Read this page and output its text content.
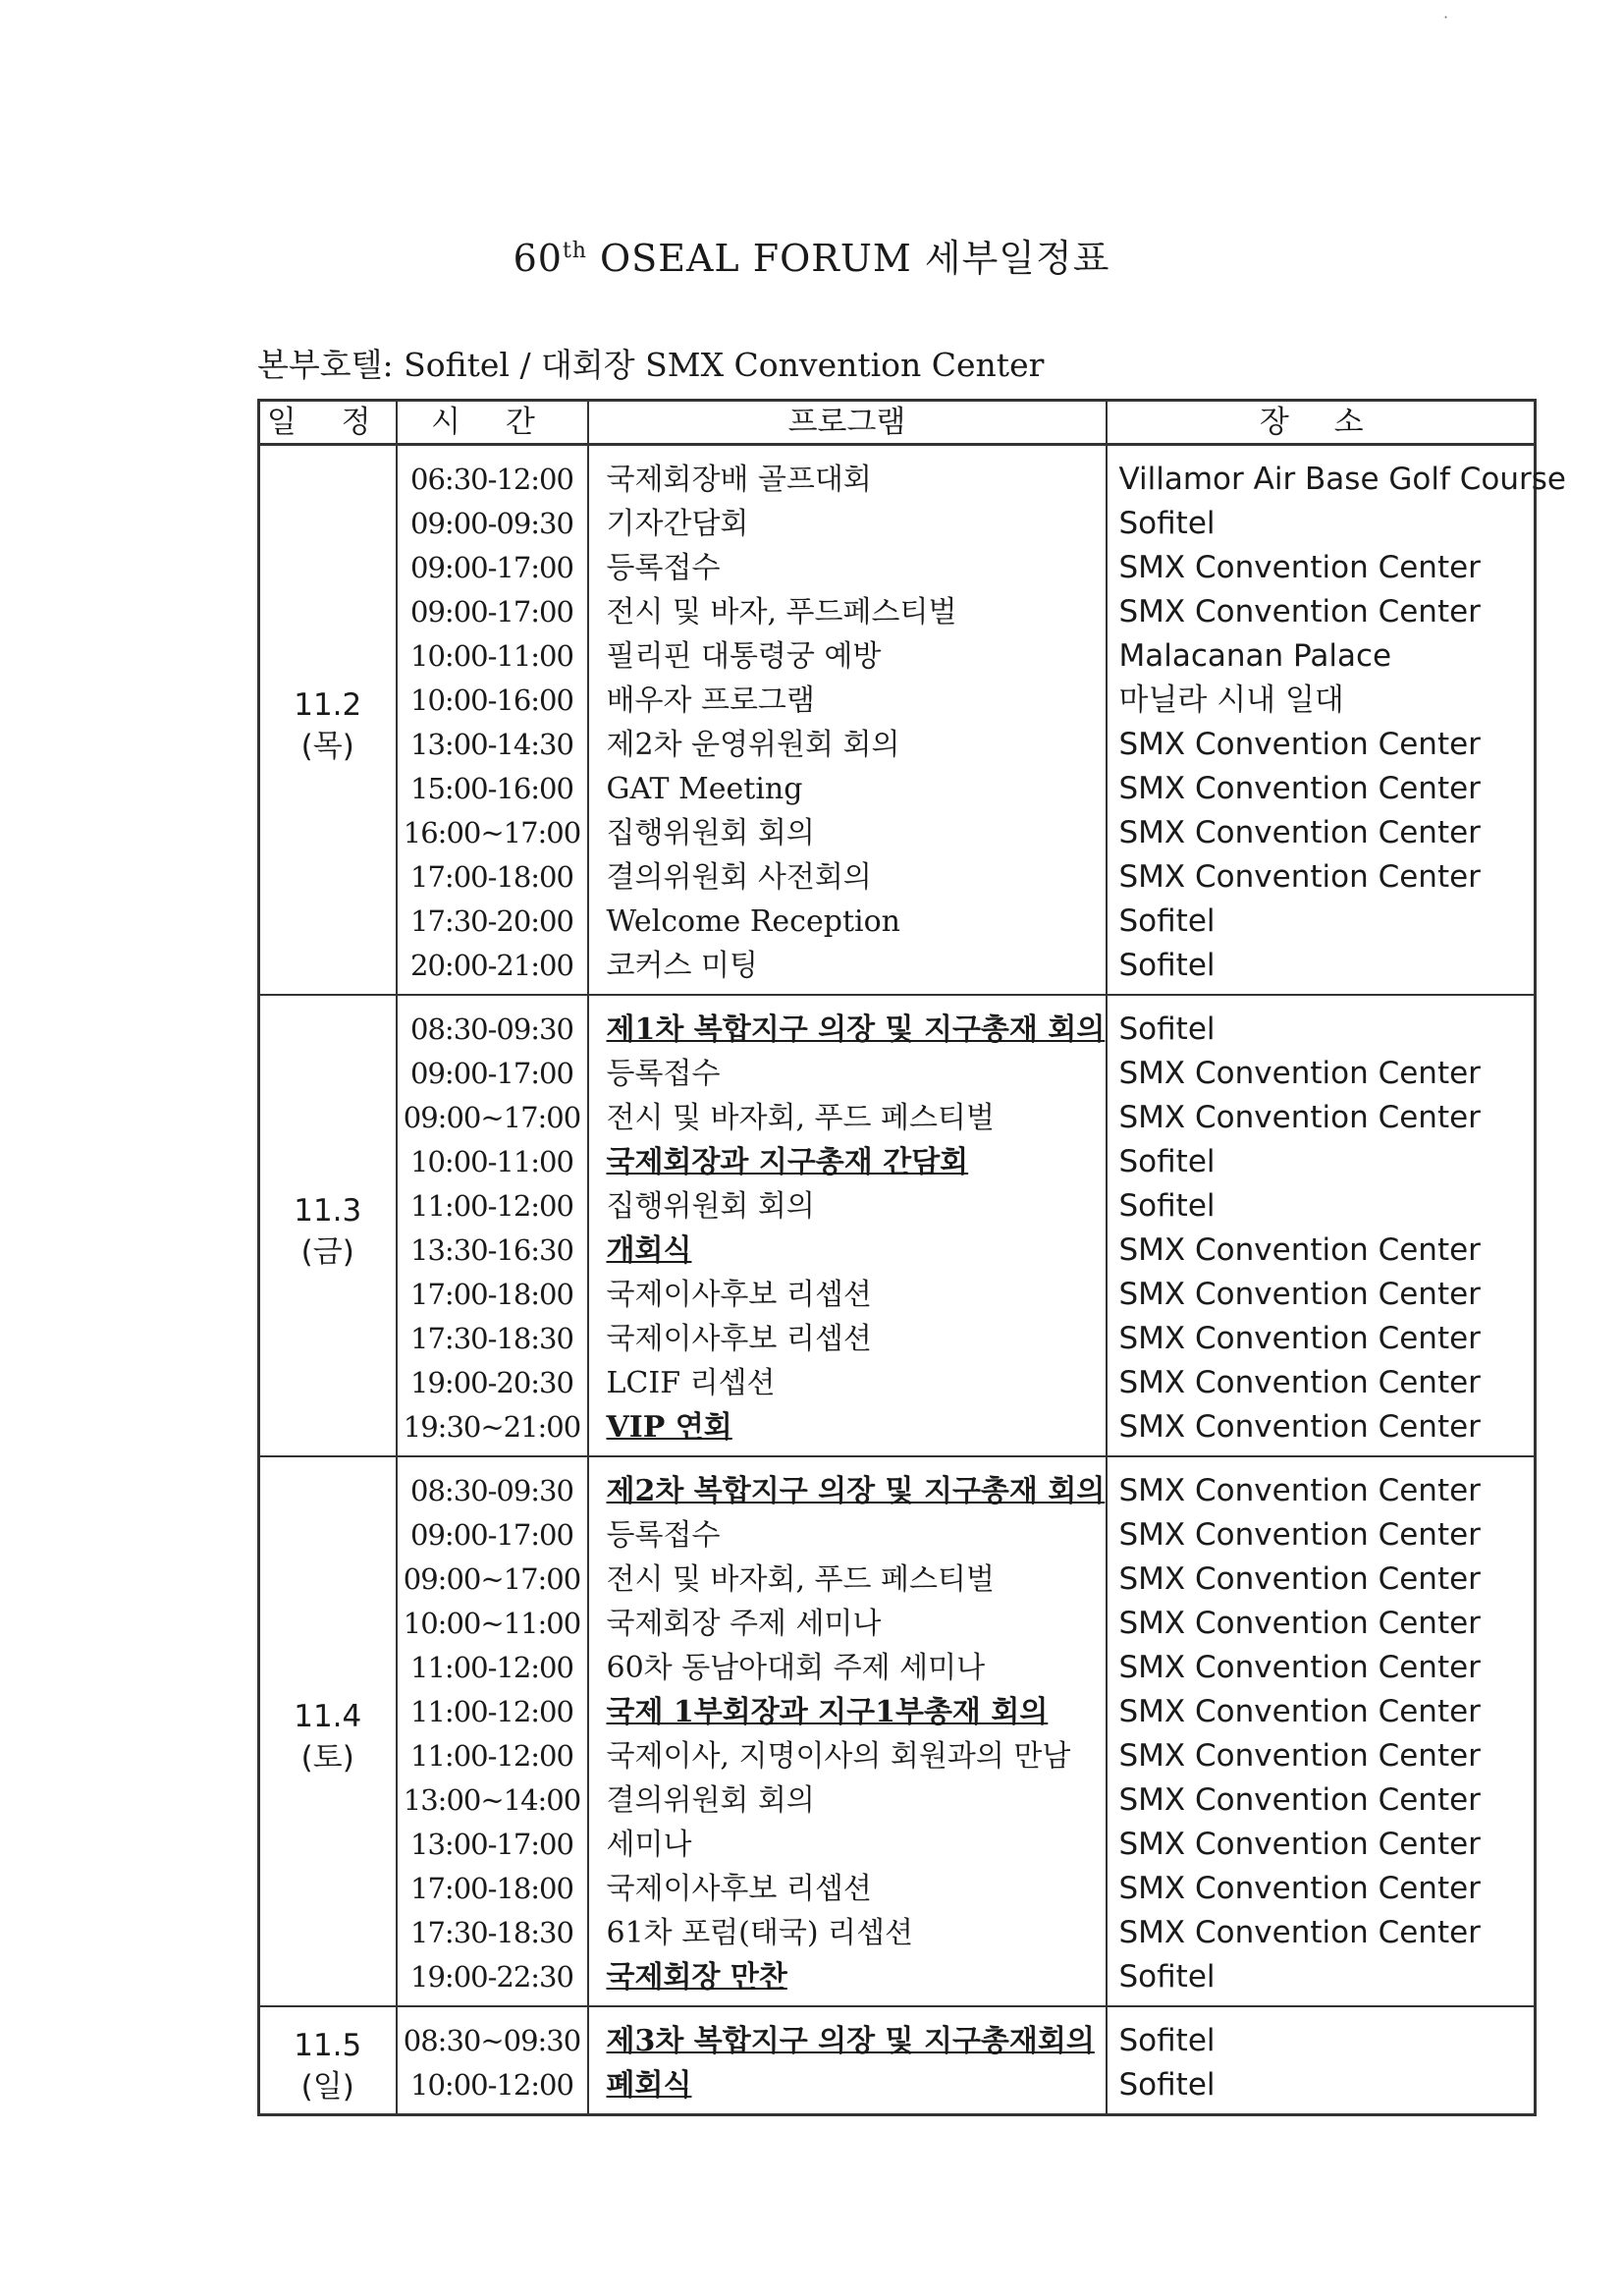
·
60th OSEAL FORUM 세부일정표
본부호텔: Sofitel / 대회장 SMX Convention Center
일 정	시 간	프로그램	장 소

11.2
(목)	06:30-12:00	국제회장배 골프대회	Villamor Air Base Golf Course
	09:00-09:30	기자간담회	Sofitel
	09:00-17:00	등록접수	SMX Convention Center
	09:00-17:00	전시 및 바자, 푸드페스티벌	SMX Convention Center
	10:00-11:00	필리핀 대통령궁 예방	Malacanan Palace
	10:00-16:00	배우자 프로그램	마닐라 시내 일대
	13:00-14:30	제2차 운영위원회 회의	SMX Convention Center
	15:00-16:00	GAT Meeting	SMX Convention Center
	16:00~17:00	집행위원회 회의	SMX Convention Center
	17:00-18:00	결의위원회 사전회의	SMX Convention Center
	17:30-20:00	Welcome Reception	Sofitel
	20:00-21:00	코커스 미팅	Sofitel

11.3
(금)	08:30-09:30	제1차 복합지구 의장 및 지구총재 회의	Sofitel
	09:00-17:00	등록접수	SMX Convention Center
	09:00~17:00	전시 및 바자회, 푸드 페스티벌	SMX Convention Center
	10:00-11:00	국제회장과 지구총재 간담회	Sofitel
	11:00-12:00	집행위원회 회의	Sofitel
	13:30-16:30	개회식	SMX Convention Center
	17:00-18:00	국제이사후보 리셉션	SMX Convention Center
	17:30-18:30	국제이사후보 리셉션	SMX Convention Center
	19:00-20:30	LCIF 리셉션	SMX Convention Center
	19:30~21:00	VIP 연회	SMX Convention Center

11.4
(토)	08:30-09:30	제2차 복합지구 의장 및 지구총재 회의	SMX Convention Center
	09:00-17:00	등록접수	SMX Convention Center
	09:00~17:00	전시 및 바자회, 푸드 페스티벌	SMX Convention Center
	10:00~11:00	국제회장 주제 세미나	SMX Convention Center
	11:00-12:00	60차 동남아대회 주제 세미나	SMX Convention Center
	11:00-12:00	국제 1부회장과 지구1부총재 회의	SMX Convention Center
	11:00-12:00	국제이사, 지명이사의 회원과의 만남	SMX Convention Center
	13:00~14:00	결의위원회 회의	SMX Convention Center
	13:00-17:00	세미나	SMX Convention Center
	17:00-18:00	국제이사후보 리셉션	SMX Convention Center
	17:30-18:30	61차 포럼(태국) 리셉션	SMX Convention Center
	19:00-22:30	국제회장 만찬	Sofitel

11.5
(일)	08:30~09:30	제3차 복합지구 의장 및 지구총재회의	Sofitel
	10:00-12:00	폐회식	Sofitel
